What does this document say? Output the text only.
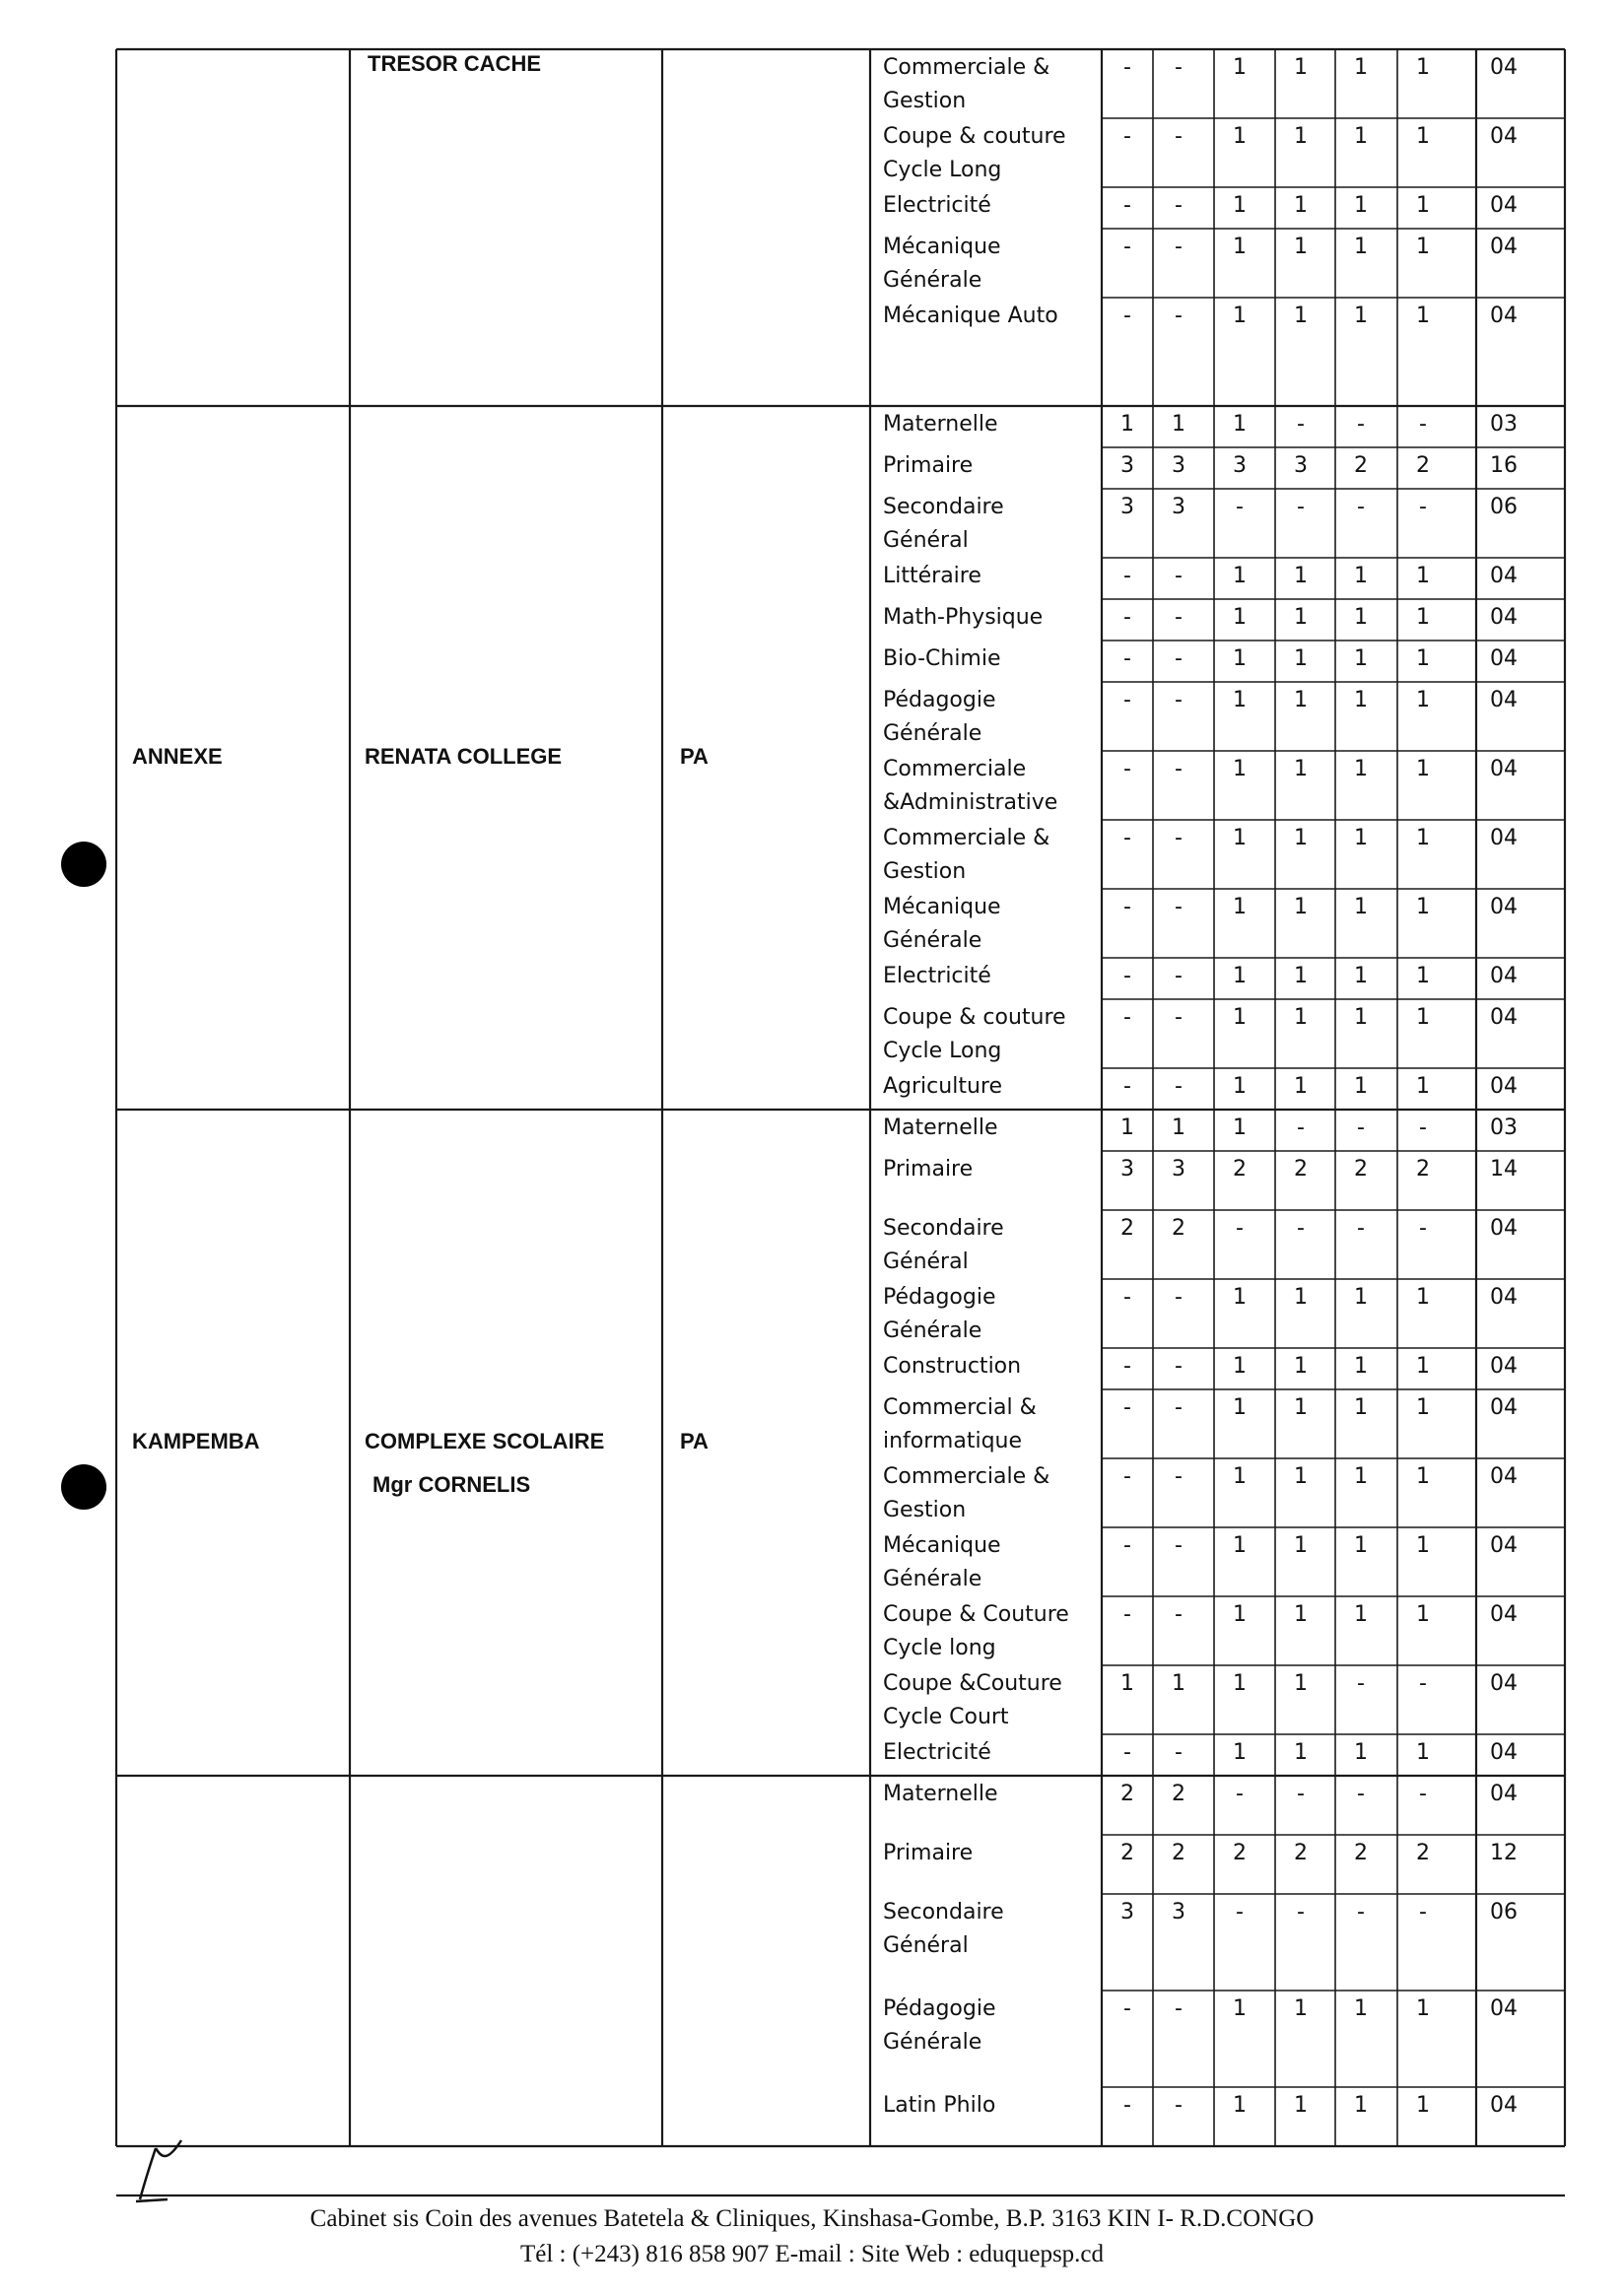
TRESOR CACHE	Commerciale &
Gestion
-	-	1	1	1	1	04
Coupe & couture
Cycle Long
-	-	1	1	1	1	04
Electricité	-	-	1	1	1	1	04
Mécanique
Générale
-	-	1	1	1	1	04
Mécanique Auto	-	-	1	1	1	1	04
ANNEXE	RENATA COLLEGE	PA
Maternelle	1	1	1	-	-	-	03
Primaire	3	3	3	3	2	2	16
Secondaire
Général
3	3	-	-	-	-	06
Littéraire	-	-	1	1	1	1	04
Math-Physique	-	-	1	1	1	1	04
Bio-Chimie	-	-	1	1	1	1	04
Pédagogie
Générale
-	-	1	1	1	1	04
Commerciale
&Administrative
-	-	1	1	1	1	04
Commerciale &
Gestion
-	-	1	1	1	1	04
Mécanique
Générale
-	-	1	1	1	1	04
Electricité	-	-	1	1	1	1	04
Coupe & couture
Cycle Long
-	-	1	1	1	1	04
Agriculture	-	-	1	1	1	1	04
KAMPEMBA	COMPLEXE SCOLAIRE
Mgr CORNELIS
PA
Maternelle	1	1	1	-	-	-	03
Primaire	3	3	2	2	2	2	14
Secondaire
Général
2	2	-	-	-	-	04
Pédagogie
Générale
-	-	1	1	1	1	04
Construction	-	-	1	1	1	1	04
Commercial &
informatique
-	-	1	1	1	1	04
Commerciale &
Gestion
-	-	1	1	1	1	04
Mécanique
Générale
-	-	1	1	1	1	04
Coupe & Couture
Cycle long
-	-	1	1	1	1	04
Coupe &Couture
Cycle Court
1	1	1	1	-	-	04
Electricité	-	-	1	1	1	1	04
Maternelle	2	2	-	-	-	-	04
Primaire	2	2	2	2	2	2	12
Secondaire
Général
3	3	-	-	-	-	06
Pédagogie
Générale
-	-	1	1	1	1	04
Latin Philo	-	-	1	1	1	1	04
Cabinet sis Coin des avenues Batetela & Cliniques, Kinshasa-Gombe, B.P. 3163 KIN I- R.D.CONGO
Tél : (+243) 816 858 907 E-mail : Site Web : eduquepsp.cd
